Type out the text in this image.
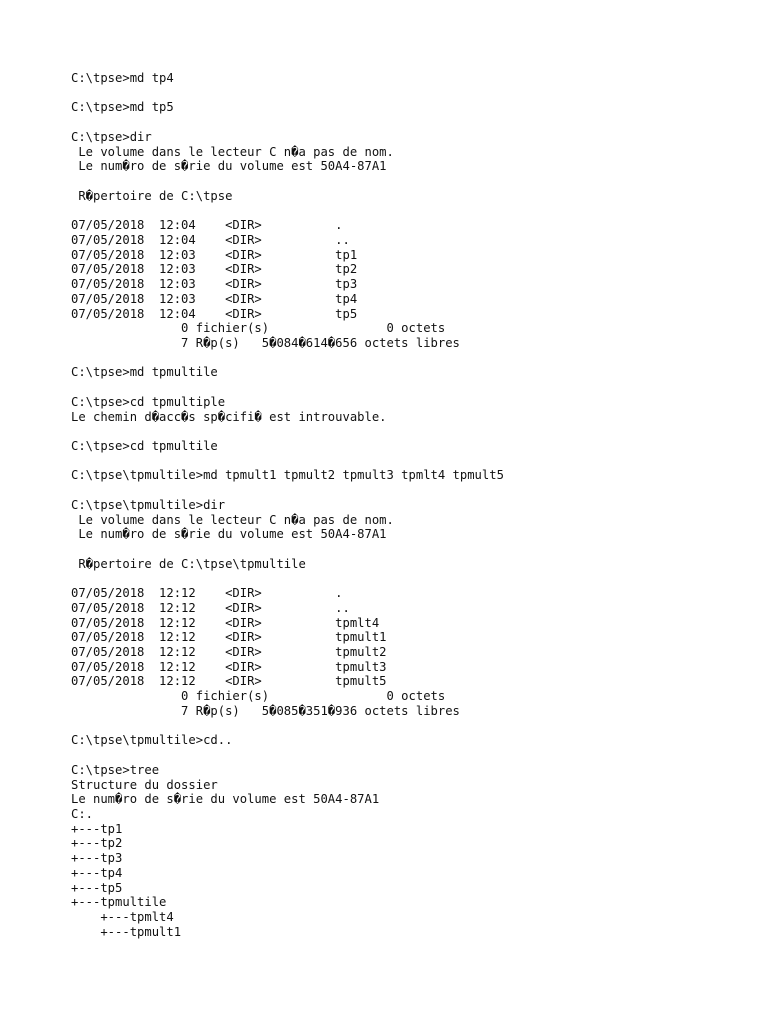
C:\tpse>md tp4
C:\tpse>md tp5
C:\tpse>dir
Le volume dans le lecteur C n�a pas de nom.
Le num�ro de s�rie du volume est 50A4-87A1
R�pertoire de C:\tpse
07/05/2018  12:04    <DIR>          .
07/05/2018  12:04    <DIR>          ..
07/05/2018  12:03    <DIR>          tp1
07/05/2018  12:03    <DIR>          tp2
07/05/2018  12:03    <DIR>          tp3
07/05/2018  12:03    <DIR>          tp4
07/05/2018  12:04    <DIR>          tp5
0 fichier(s)                0 octets
7 R�p(s)   5�084�614�656 octets libres
C:\tpse>md tpmultile
C:\tpse>cd tpmultiple
Le chemin d�acc�s sp�cifi� est introuvable.
C:\tpse>cd tpmultile
C:\tpse\tpmultile>md tpmult1 tpmult2 tpmult3 tpmlt4 tpmult5
C:\tpse\tpmultile>dir
Le volume dans le lecteur C n�a pas de nom.
Le num�ro de s�rie du volume est 50A4-87A1
R�pertoire de C:\tpse\tpmultile
07/05/2018  12:12    <DIR>          .
07/05/2018  12:12    <DIR>          ..
07/05/2018  12:12    <DIR>          tpmlt4
07/05/2018  12:12    <DIR>          tpmult1
07/05/2018  12:12    <DIR>          tpmult2
07/05/2018  12:12    <DIR>          tpmult3
07/05/2018  12:12    <DIR>          tpmult5
0 fichier(s)                0 octets
7 R�p(s)   5�085�351�936 octets libres
C:\tpse\tpmultile>cd..
C:\tpse>tree
Structure du dossier
Le num�ro de s�rie du volume est 50A4-87A1
C:.
+---tp1
+---tp2
+---tp3
+---tp4
+---tp5
+---tpmultile
+---tpmlt4
+---tpmult1
